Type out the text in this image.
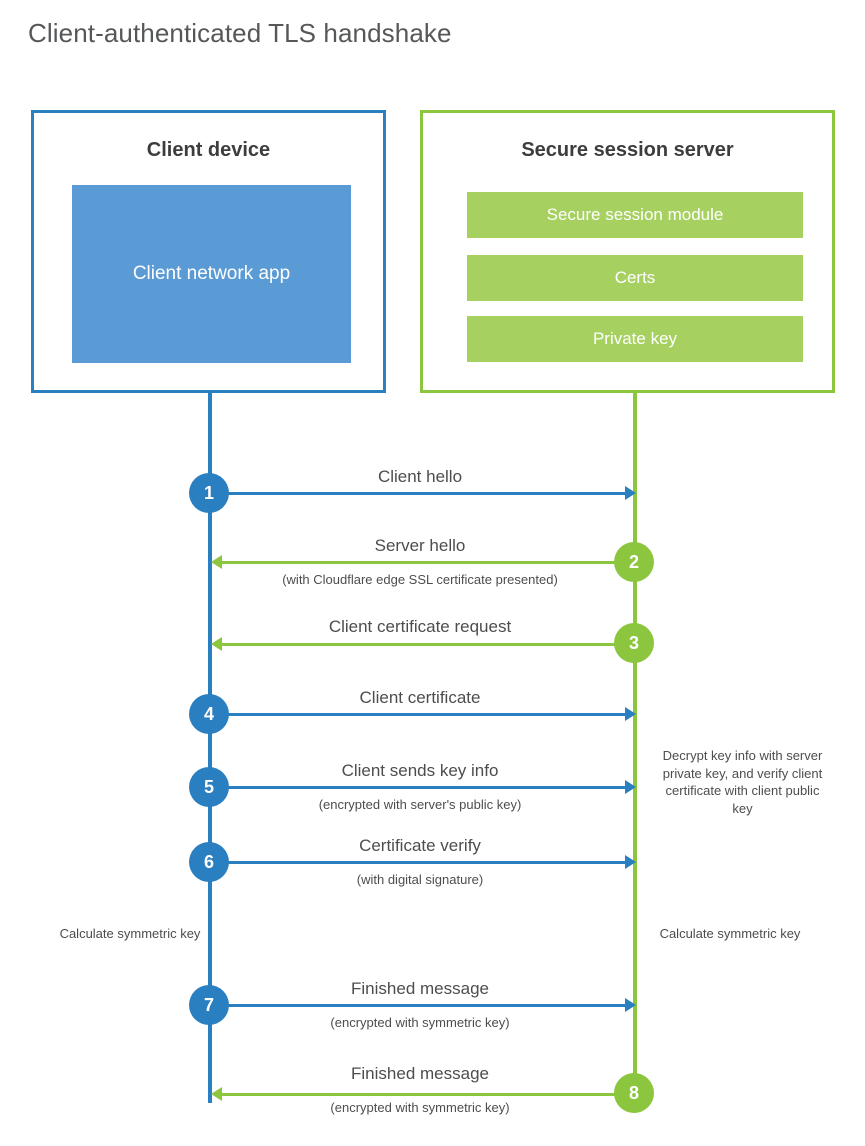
Client-authenticated TLS handshake
Client device
Client network app
Secure session server
Secure session module
Certs
Private key
1
Client hello
2
Server hello
(with Cloudflare edge SSL certificate presented)
3
Client certificate request
4
Client certificate
5
Client sends key info
(encrypted with server's public key)
Decrypt key info with server private key, and verify client certificate with client public key
6
Certificate verify
(with digital signature)
Calculate symmetric key	Calculate symmetric key
7
Finished message
(encrypted with symmetric key)
8
Finished message
(encrypted with symmetric key)
